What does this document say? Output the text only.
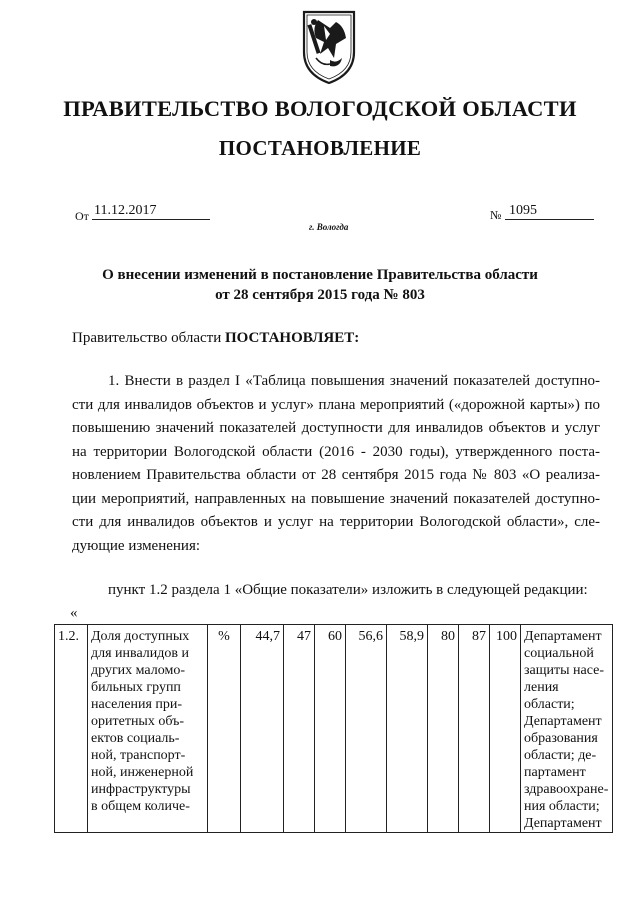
ПРАВИТЕЛЬСТВО ВОЛОГОДСКОЙ ОБЛАСТИ
ПОСТАНОВЛЕНИЕ
От 11.12.2017	№ 1095
г. Вологда
О внесении изменений в постановление Правительства области
от 28 сентября 2015 года № 803
Правительство области ПОСТАНОВЛЯЕТ:
1. Внести в раздел I «Таблица повышения значений показателей доступно-
сти для инвалидов объектов и услуг» плана мероприятий («дорожной карты») по
повышению значений показателей доступности для инвалидов объектов и услуг
на территории Вологодской области (2016 - 2030 годы), утвержденного поста-
новлением Правительства области от 28 сентября 2015 года № 803 «О реализа-
ции мероприятий, направленных на повышение значений показателей доступно-
сти для инвалидов объектов и услуг на территории Вологодской области», сле-
дующие изменения:
пункт 1.2 раздела 1 «Общие показатели» изложить в следующей редакции:
«
1.2.	Доля доступных
для инвалидов и
других маломо-
бильных групп
населения при-
оритетных объ-
ектов социаль-
ной, транспорт-
ной, инженерной
инфраструктуры
в общем количе-	%	44,7	47	60	56,6	58,9	80	87	100	Департамент
социальной
защиты насе-
ления области;
Департамент
образования
области; де-
партамент
здравоохране-
ния области;
Департамент
